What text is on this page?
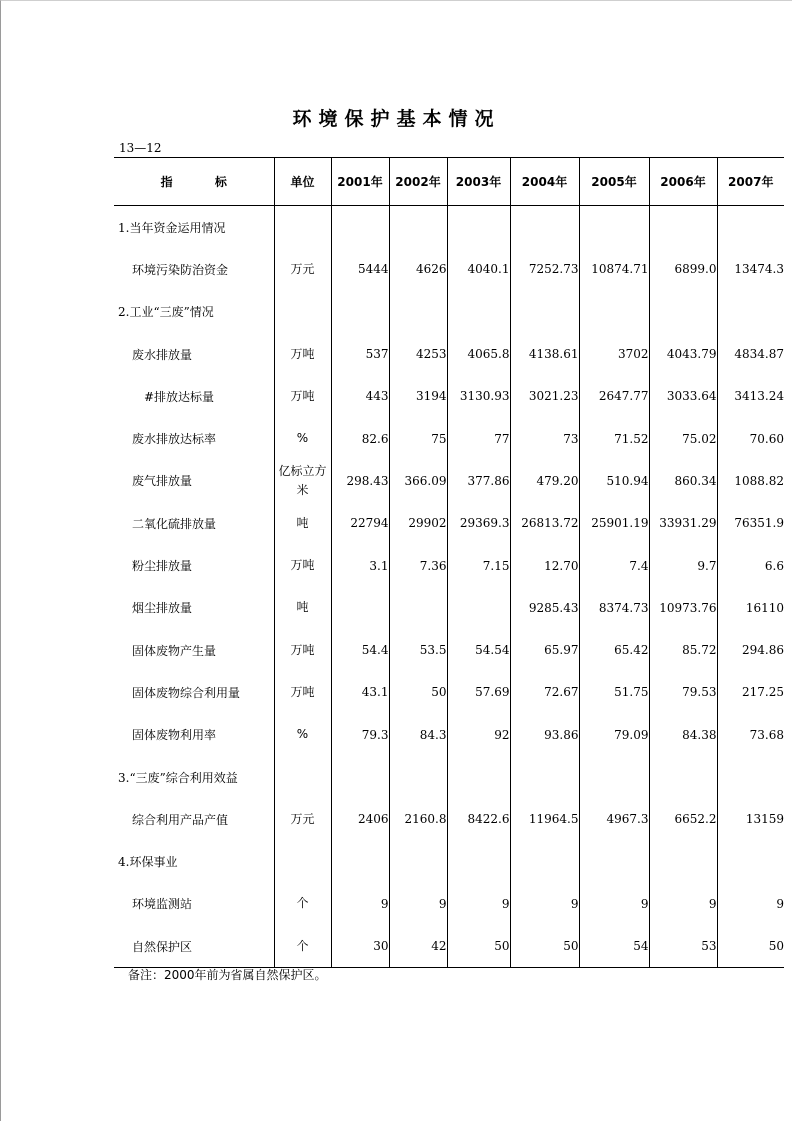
环境保护基本情况
13—12
指 标	单位	2001年	2002年	2003年	2004年	2005年	2006年	2007年
1.当年资金运用情况								
环境污染防治资金	万元	5444	4626	4040.1	7252.73	10874.71	6899.0	13474.3
2.工业“三废”情况								
废水排放量	万吨	537	4253	4065.8	4138.61	3702	4043.79	4834.87
#排放达标量	万吨	443	3194	3130.93	3021.23	2647.77	3033.64	3413.24
废水排放达标率	%	82.6	75	77	73	71.52	75.02	70.60
废气排放量	亿标立方米	298.43	366.09	377.86	479.20	510.94	860.34	1088.82
二氧化硫排放量	吨	22794	29902	29369.3	26813.72	25901.19	33931.29	76351.9
粉尘排放量	万吨	3.1	7.36	7.15	12.70	7.4	9.7	6.6
烟尘排放量	吨				9285.43	8374.73	10973.76	16110
固体废物产生量	万吨	54.4	53.5	54.54	65.97	65.42	85.72	294.86
固体废物综合利用量	万吨	43.1	50	57.69	72.67	51.75	79.53	217.25
固体废物利用率	%	79.3	84.3	92	93.86	79.09	84.38	73.68
3.“三废”综合利用效益								
综合利用产品产值	万元	2406	2160.8	8422.6	11964.5	4967.3	6652.2	13159
4.环保事业								
环境监测站	个	9	9	9	9	9	9	9
自然保护区	个	30	42	50	50	54	53	50
备注：2000年前为省属自然保护区。
